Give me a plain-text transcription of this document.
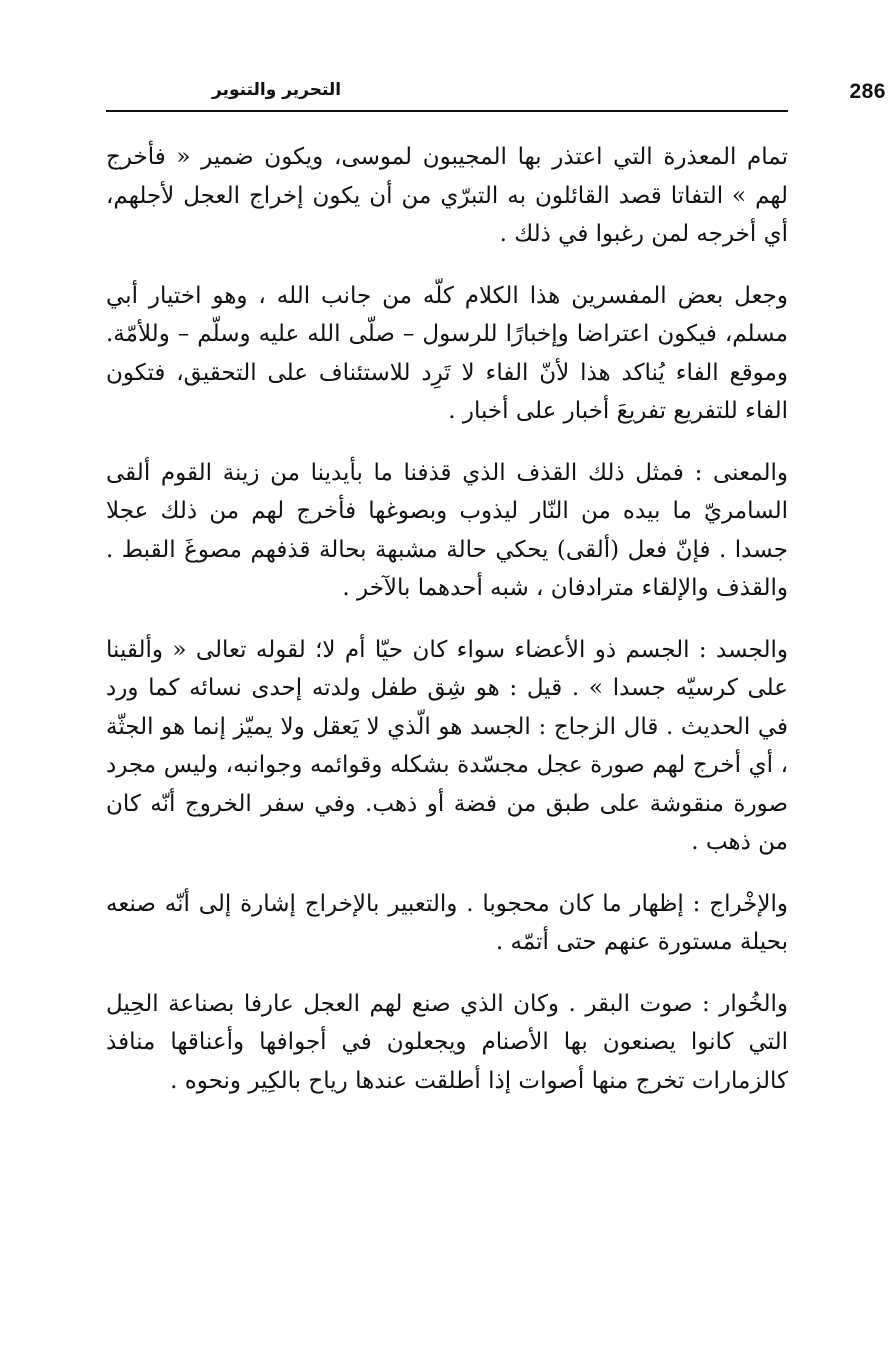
286
التحرير والتنوير

تمام المعذرة التي اعتذر بها المجيبون لموسى، ويكون ضمير « فأخرج لهم » التفاتا قصد القائلون به التبرّي من أن يكون إخراج العجل لأجلهم، أي أخرجه لمن رغبوا في ذلك .

وجعل بعض المفسرين هذا الكلام كلّه من جانب الله ، وهو اختيار أبي مسلم، فيكون اعتراضا وإخبارًا للرسول – صلّى الله عليه وسلّم – وللأمّة. وموقع الفاء يُناكد هذا لأنّ الفاء لا تَرِد للاستئناف على التحقيق، فتكون الفاء للتفريع تفريعَ أخبار على أخبار .

والمعنى : فمثل ذلك القذف الذي قذفنا ما بأيدينا من زينة القوم ألقى السامريّ ما بيده من النّار ليذوب وبصوغها فأخرج لهم من ذلك عجلا جسدا . فإنّ فعل (ألقى) يحكي حالة مشبهة بحالة قذفهم مصوغَ القبط . والقذف والإلقاء مترادفان ، شبه أحدهما بالآخر .

والجسد : الجسم ذو الأعضاء سواء كان حيّا أم لا؛ لقوله تعالى « وألقينا على كرسيّه جسدا » . قيل : هو شِق طفل ولدته إحدى نسائه كما ورد في الحديث . قال الزجاج : الجسد هو الّذي لا يَعقل ولا يميّز إنما هو الجثّة ، أي أخرج لهم صورة عجل مجسّدة بشكله وقوائمه وجوانبه، وليس مجرد صورة منقوشة على طبق من فضة أو ذهب. وفي سفر الخروج أنّه كان من ذهب .

والإخْراج : إظهار ما كان محجوبا . والتعبير بالإخراج إشارة إلى أنّه صنعه بحيلة مستورة عنهم حتى أتمّه .

والخُوار : صوت البقر . وكان الذي صنع لهم العجل عارفا بصناعة الحِيل التي كانوا يصنعون بها الأصنام ويجعلون في أجوافها وأعناقها منافذ كالزمارات تخرج منها أصوات إذا أطلقت عندها رياح بالكِير ونحوه .
